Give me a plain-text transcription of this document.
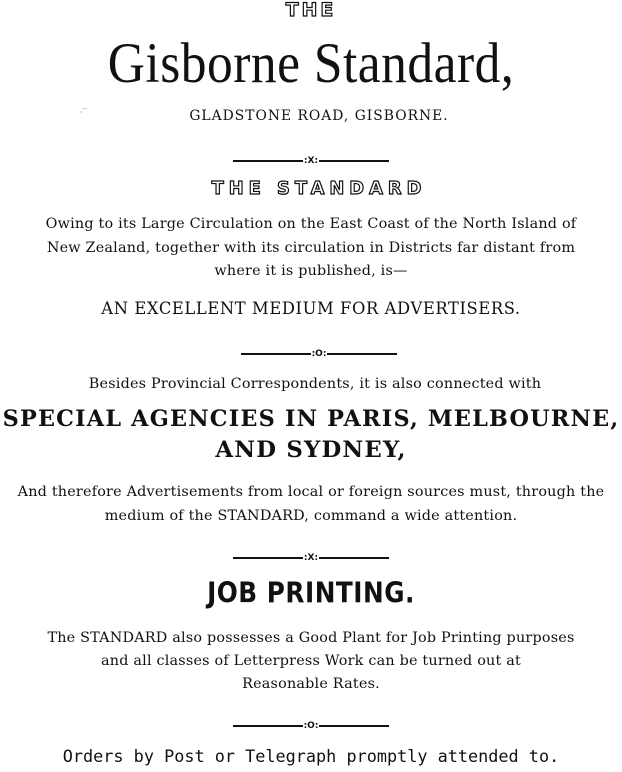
THE
Gisborne Standard,
GLADSTONE ROAD, GISBORNE.
·‾
:X:
THE STANDARD
Owing to its Large Circulation on the East Coast of the North Island of
New Zealand, together with its circulation in Districts far distant from
where it is published, is—
AN EXCELLENT MEDIUM FOR ADVERTISERS.
:O:
Besides Provincial Correspondents, it is also connected with
SPECIAL AGENCIES IN PARIS, MELBOURNE,
AND SYDNEY,
And therefore Advertisements from local or foreign sources must, through the
medium of the STANDARD, command a wide attention.
:X:
JOB PRINTING.
The STANDARD also possesses a Good Plant for Job Printing purposes
and all classes of Letterpress Work can be turned out at
Reasonable Rates.
:O:
Orders by Post or Telegraph promptly attended to.
